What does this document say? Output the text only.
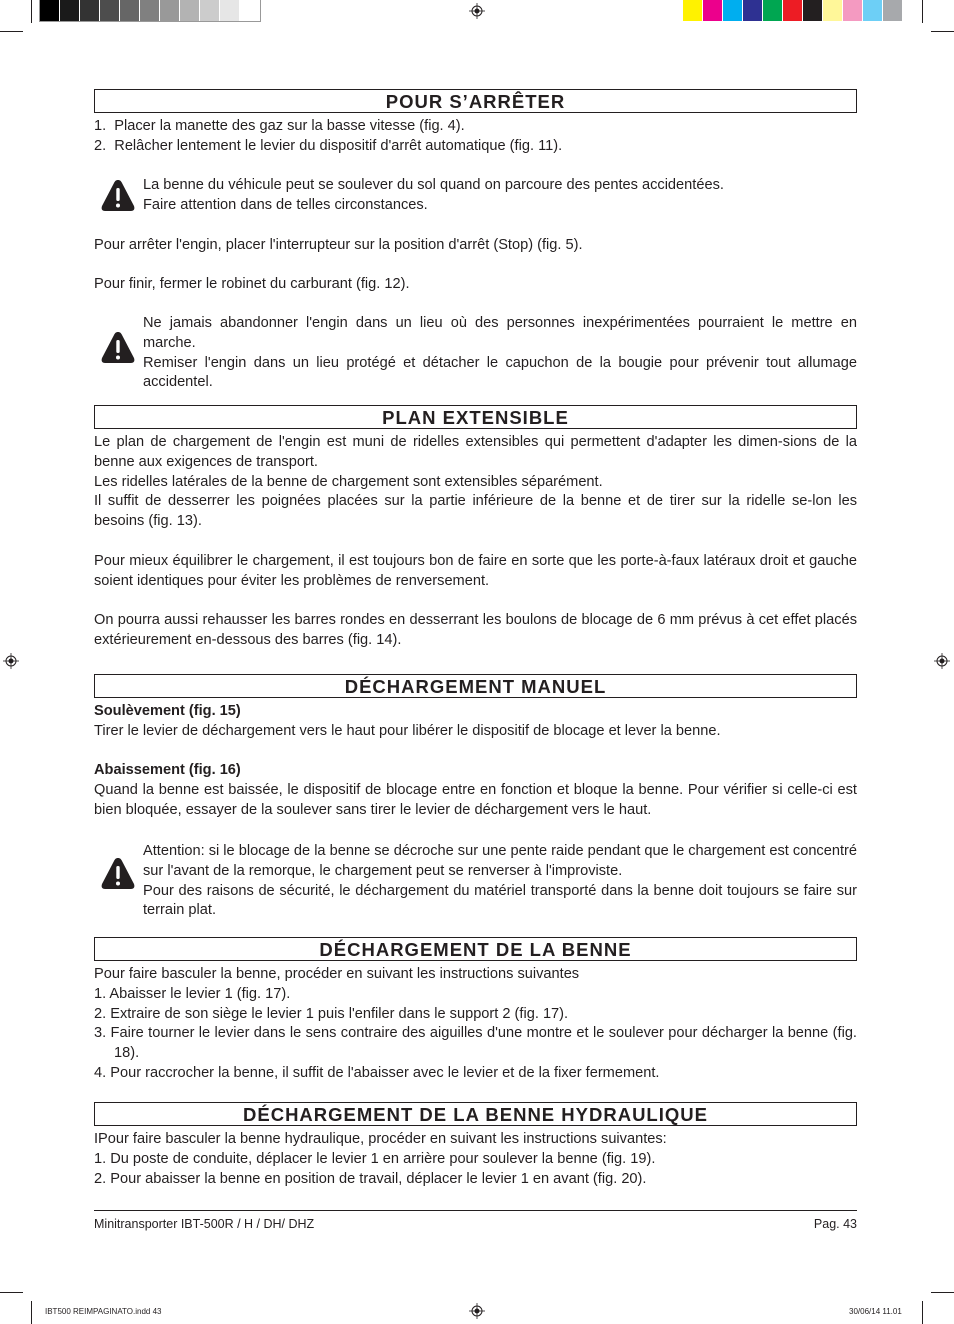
POUR S’ARRÊTER

1.  Placer la manette des gaz sur la basse vitesse (fig. 4).

2.  Relâcher lentement le levier du dispositif d'arrêt automatique (fig. 11).

La benne du véhicule peut se soulever du sol quand on parcoure des pentes accidentées.

Faire attention dans de telles circonstances.

Pour arrêter l'engin, placer l'interrupteur sur la position d'arrêt (Stop) (fig. 5).

Pour finir, fermer le robinet du carburant (fig. 12).

Ne jamais abandonner l'engin dans un lieu où des personnes inexpérimentées pourraient le mettre en marche.

Remiser l'engin dans un lieu protégé et détacher le capuchon de la bougie pour prévenir tout allumage accidentel.

PLAN EXTENSIBLE

Le plan de chargement de l'engin est muni de ridelles extensibles qui permettent d'adapter les dimen-sions de la benne aux exigences de transport.

Les ridelles latérales de la benne de chargement sont extensibles séparément.

Il suffit de desserrer les poignées placées sur la partie inférieure de la benne et de tirer sur la ridelle se-lon les besoins (fig. 13).

Pour mieux équilibrer le chargement, il est toujours bon de faire en sorte que les porte-à-faux latéraux droit et gauche soient identiques pour éviter les problèmes de renversement.

On pourra aussi rehausser les barres rondes en desserrant les boulons de blocage de 6 mm prévus à cet effet placés extérieurement en-dessous des barres (fig. 14).

DÉCHARGEMENT MANUEL

Soulèvement (fig. 15)

Tirer le levier de déchargement vers le haut pour libérer le dispositif de blocage et lever la benne.

Abaissement (fig. 16)

Quand la benne est baissée, le dispositif de blocage entre en fonction et bloque la benne. Pour vérifier si celle-ci est bien bloquée, essayer de la soulever sans tirer le levier de déchargement vers le haut.

Attention: si le blocage de la benne se décroche sur une pente raide pendant que le chargement est concentré sur l'avant de la remorque, le chargement peut se renverser à l'improviste.

Pour des raisons de sécurité, le déchargement du matériel transporté dans la benne doit toujours se faire sur terrain plat.

DÉCHARGEMENT DE LA BENNE

Pour faire basculer la benne, procéder en suivant les instructions suivantes

1. Abaisser le levier 1 (fig. 17).

2. Extraire de son siège le levier 1 puis l'enfiler dans le support 2 (fig. 17).

3. Faire tourner le levier dans le sens contraire des aiguilles d'une montre et le soulever pour décharger la benne (fig. 18).

4. Pour raccrocher la benne, il suffit de l'abaisser avec le levier et de la fixer fermement.

DÉCHARGEMENT DE LA BENNE HYDRAULIQUE

IPour faire basculer la benne hydraulique, procéder en suivant les instructions suivantes:

1. Du poste de conduite, déplacer le levier 1 en arrière pour soulever la benne (fig. 19).

2. Pour abaisser la benne en position de travail, déplacer le levier 1 en avant (fig. 20).

Minitransporter IBT-500R / H / DH/ DHZ	Pag. 43
IBT500 REIMPAGINATO.indd 43	30/06/14 11.01
